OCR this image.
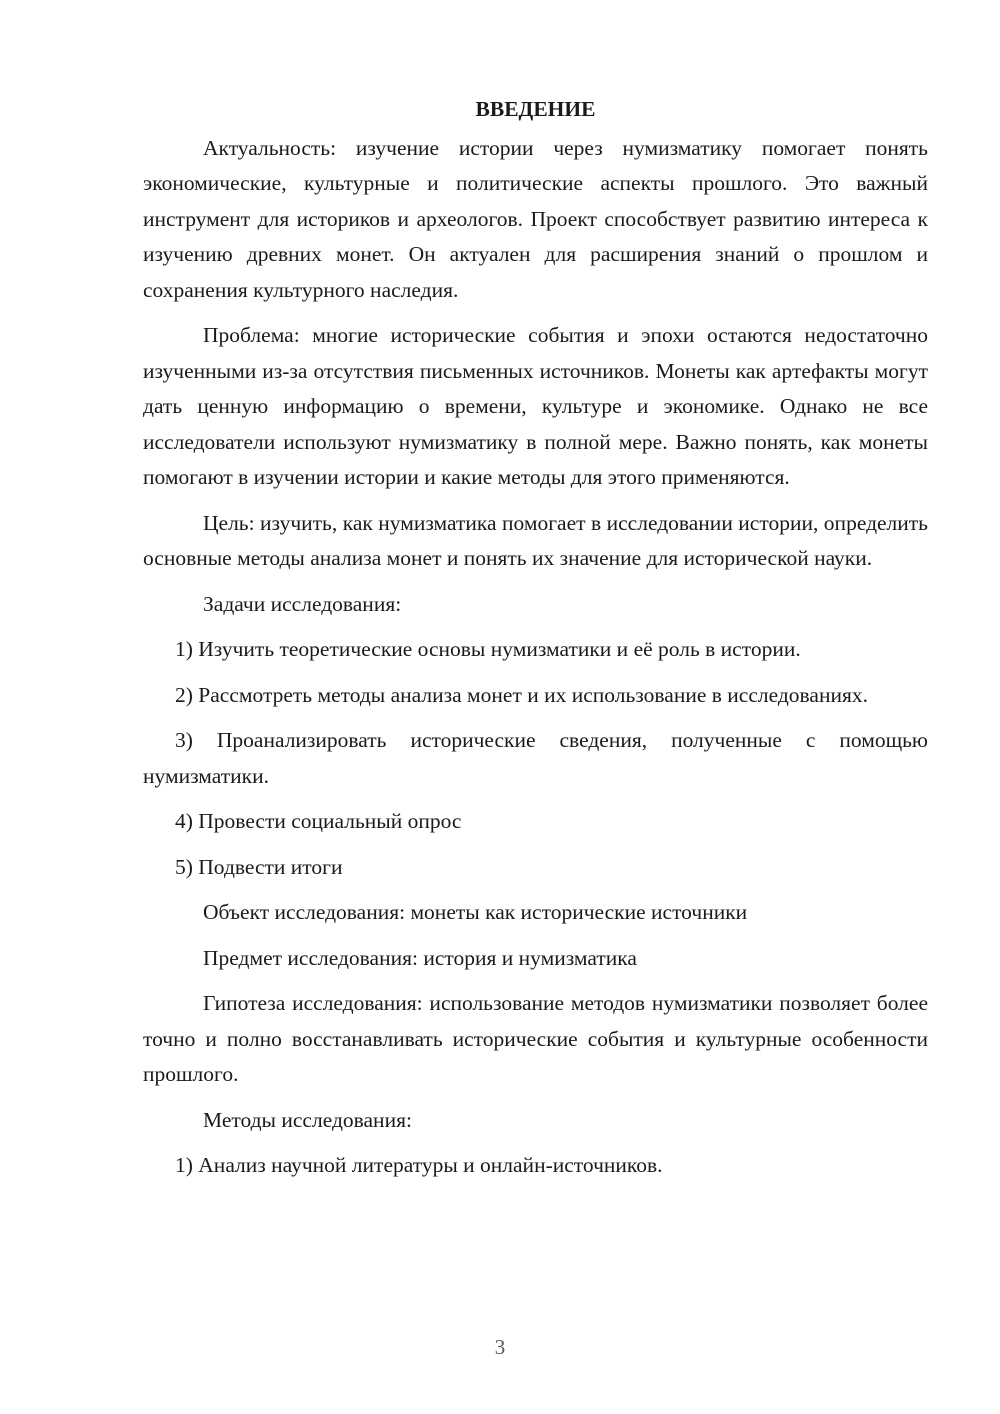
ВВЕДЕНИЕ

Актуальность: изучение истории через нумизматику помогает понять экономические, культурные и политические аспекты прошлого. Это важный инструмент для историков и археологов. Проект способствует развитию интереса к изучению древних монет. Он актуален для расширения знаний о прошлом и сохранения культурного наследия.

Проблема: многие исторические события и эпохи остаются недостаточно изученными из-за отсутствия письменных источников. Монеты как артефакты могут дать ценную информацию о времени, культуре и экономике. Однако не все исследователи используют нумизматику в полной мере. Важно понять, как монеты помогают в изучении истории и какие методы для этого применяются.

Цель: изучить, как нумизматика помогает в исследовании истории, определить основные методы анализа монет и понять их значение для исторической науки.

Задачи исследования:

1) Изучить теоретические основы нумизматики и её роль в истории.

2) Рассмотреть методы анализа монет и их использование в исследованиях.

3) Проанализировать исторические сведения, полученные с помощью нумизматики.

4) Провести социальный опрос

5) Подвести итоги

Объект исследования: монеты как исторические источники

Предмет исследования: история и нумизматика

Гипотеза исследования: использование методов нумизматики позволяет более точно и полно восстанавливать исторические события и культурные особенности прошлого.

Методы исследования:

1) Анализ научной литературы и онлайн-источников.

3
